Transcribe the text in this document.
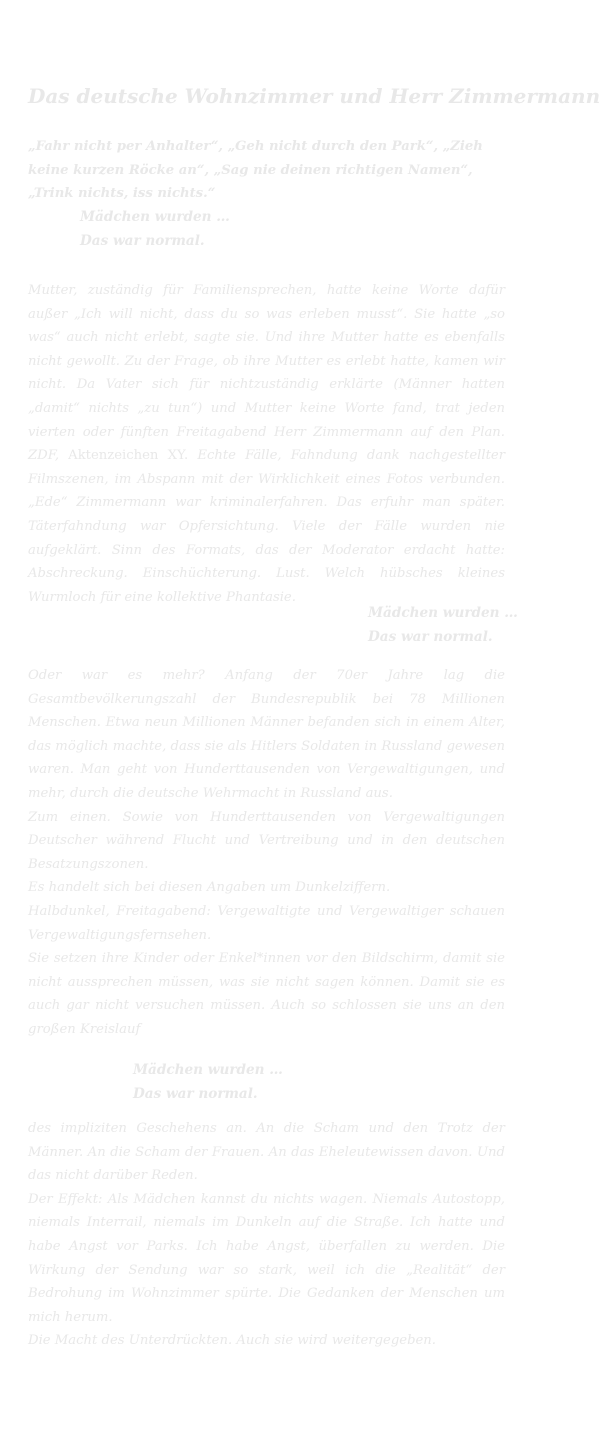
Das deutsche Wohnzimmer und Herr Zimmermann

„Fahr nicht per Anhalter“, „Geh nicht durch den Park“, „Zieh keine kurzen Röcke an“, „Sag nie deinen richtigen Namen“, „Trink nichts, iss nichts.“

Mädchen wurden …
Das war normal.

Mutter, zuständig für Familiensprechen, hatte keine Worte dafür außer „Ich will nicht, dass du so was erleben musst“. Sie hatte „so was“ auch nicht erlebt, sagte sie. Und ihre Mutter hatte es ebenfalls nicht gewollt. Zu der Frage, ob ihre Mutter es erlebt hatte, kamen wir nicht. Da Vater sich für nichtzuständig erklärte (Männer hatten „damit“ nichts „zu tun“) und Mutter keine Worte fand, trat jeden vierten oder fünften Freitagabend Herr Zimmermann auf den Plan. ZDF, Aktenzeichen XY. Echte Fälle, Fahndung dank nachgestellter Filmszenen, im Abspann mit der Wirklichkeit eines Fotos verbunden. „Ede“ Zimmermann war kriminalerfahren. Das erfuhr man später. Täterfahndung war Opfersichtung. Viele der Fälle wurden nie aufgeklärt. Sinn des Formats, das der Moderator erdacht hatte: Abschreckung. Einschüchterung. Lust. Welch hübsches kleines Wurmloch für eine kollektive Phantasie.

Mädchen wurden …
Das war normal.

Oder war es mehr? Anfang der 70er Jahre lag die Gesamtbevölkerungszahl der Bundesrepublik bei 78 Millionen Menschen. Etwa neun Millionen Männer befanden sich in einem Alter, das möglich machte, dass sie als Hitlers Soldaten in Russland gewesen waren. Man geht von Hunderttausenden von Vergewaltigungen, und mehr, durch die deutsche Wehrmacht in Russland aus.
Zum einen. Sowie von Hunderttausenden von Vergewaltigungen Deutscher während Flucht und Vertreibung und in den deutschen Besatzungszonen.
Es handelt sich bei diesen Angaben um Dunkelziffern.
Halbdunkel, Freitagabend: Vergewaltigte und Vergewaltiger schauen Vergewaltigungsfernsehen.
Sie setzen ihre Kinder oder Enkel*innen vor den Bildschirm, damit sie nicht aussprechen müssen, was sie nicht sagen können. Damit sie es auch gar nicht versuchen müssen. Auch so schlossen sie uns an den großen Kreislauf

Mädchen wurden …
Das war normal.

des impliziten Geschehens an. An die Scham und den Trotz der Männer. An die Scham der Frauen. An das Eheleutewissen davon. Und das nicht darüber Reden.
Der Effekt: Als Mädchen kannst du nichts wagen. Niemals Autostopp, niemals Interrail, niemals im Dunkeln auf die Straße. Ich hatte und habe Angst vor Parks. Ich habe Angst, überfallen zu werden. Die Wirkung der Sendung war so stark, weil ich die „Realität“ der Bedrohung im Wohnzimmer spürte. Die Gedanken der Menschen um mich herum.
Die Macht des Unterdrückten. Auch sie wird weitergegeben.
